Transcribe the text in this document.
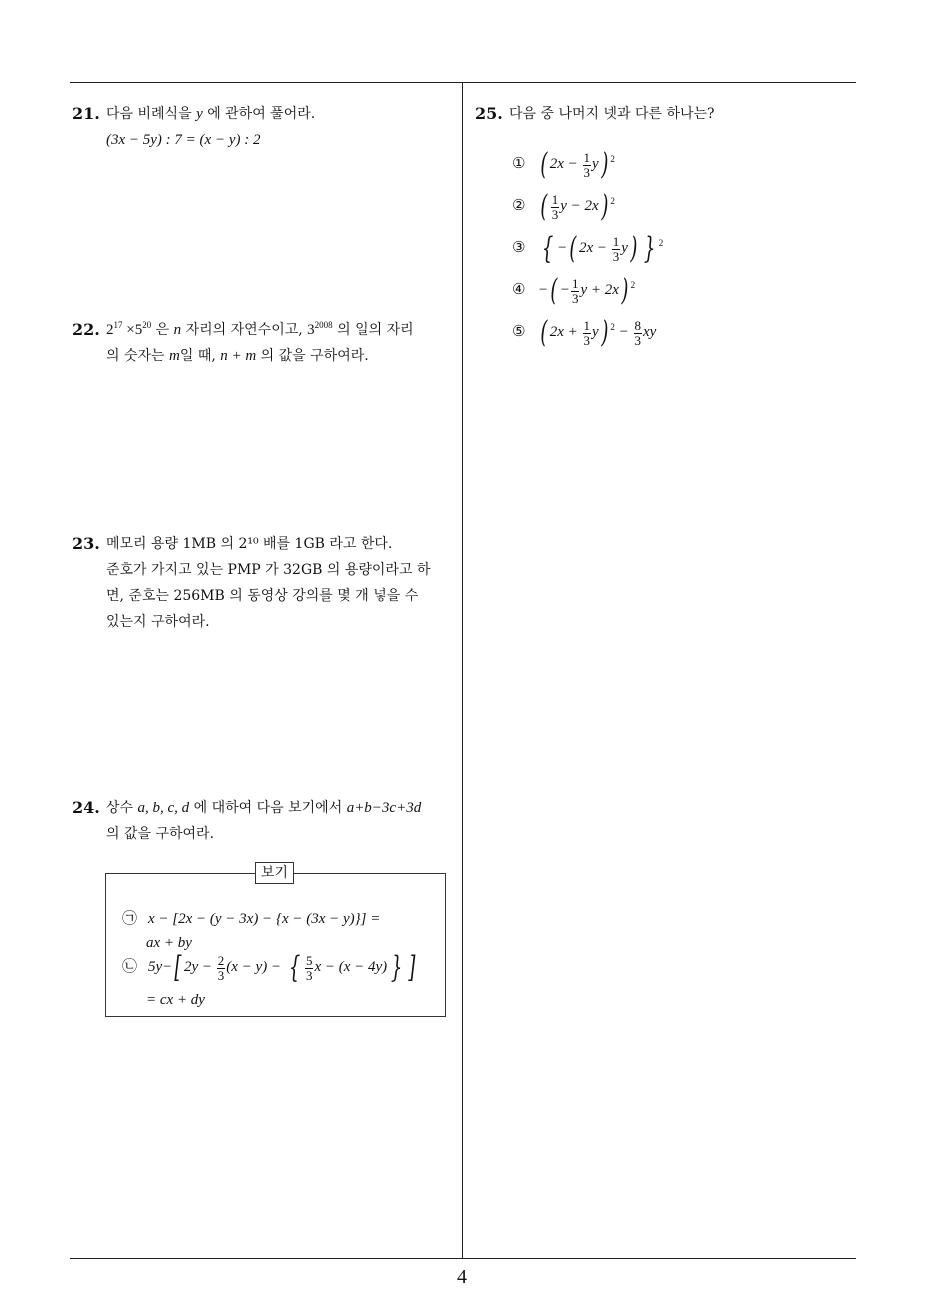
21. 다음 비례식을 y 에 관하여 풀어라.
(3x − 5y) : 7 = (x − y) : 2
22. $2^{17} \times 5^{20}$ 은 n 자리의 자연수이고, $3^{2008}$ 의 일의 자리
의 숫자는 m일 때, n + m 의 값을 구하여라.
23. 메모리 용량 1MB 의 2¹⁰ 배를 1GB 라고 한다.
준호가 가지고 있는 PMP 가 32GB 의 용량이라고 하
면, 준호는 256MB 의 동영상 강의를 몇 개 넣을 수
있는지 구하여라.
24. 상수 a, b, c, d 에 대하여 다음 보기에서 a+b−3c+3d
의 값을 구하여라.
보기
㉠ x − [2x − (y − 3x) − {x − (3x − y)}] =
ax + by
㉡ 5y−[ $2y - \frac{2}{3} (x - y)$ − { $\frac{5}{3}$ x − (x − 4y) } ]
= cx + dy
25. 다음 중 나머지 넷과 다른 하나는?
① ( $2x - \frac{1}{3} y$) $^2$
② ( $\frac{1}{3}$ y − 2x) $^2$
③ { −( $2x - \frac{1}{3} y$) } $^2$
④ −( − $\frac{1}{3}$ y + 2x) $^2$
⑤ ( $2x + \frac{1}{3} y$) $^2 - \frac{8}{3}$ xy
4
